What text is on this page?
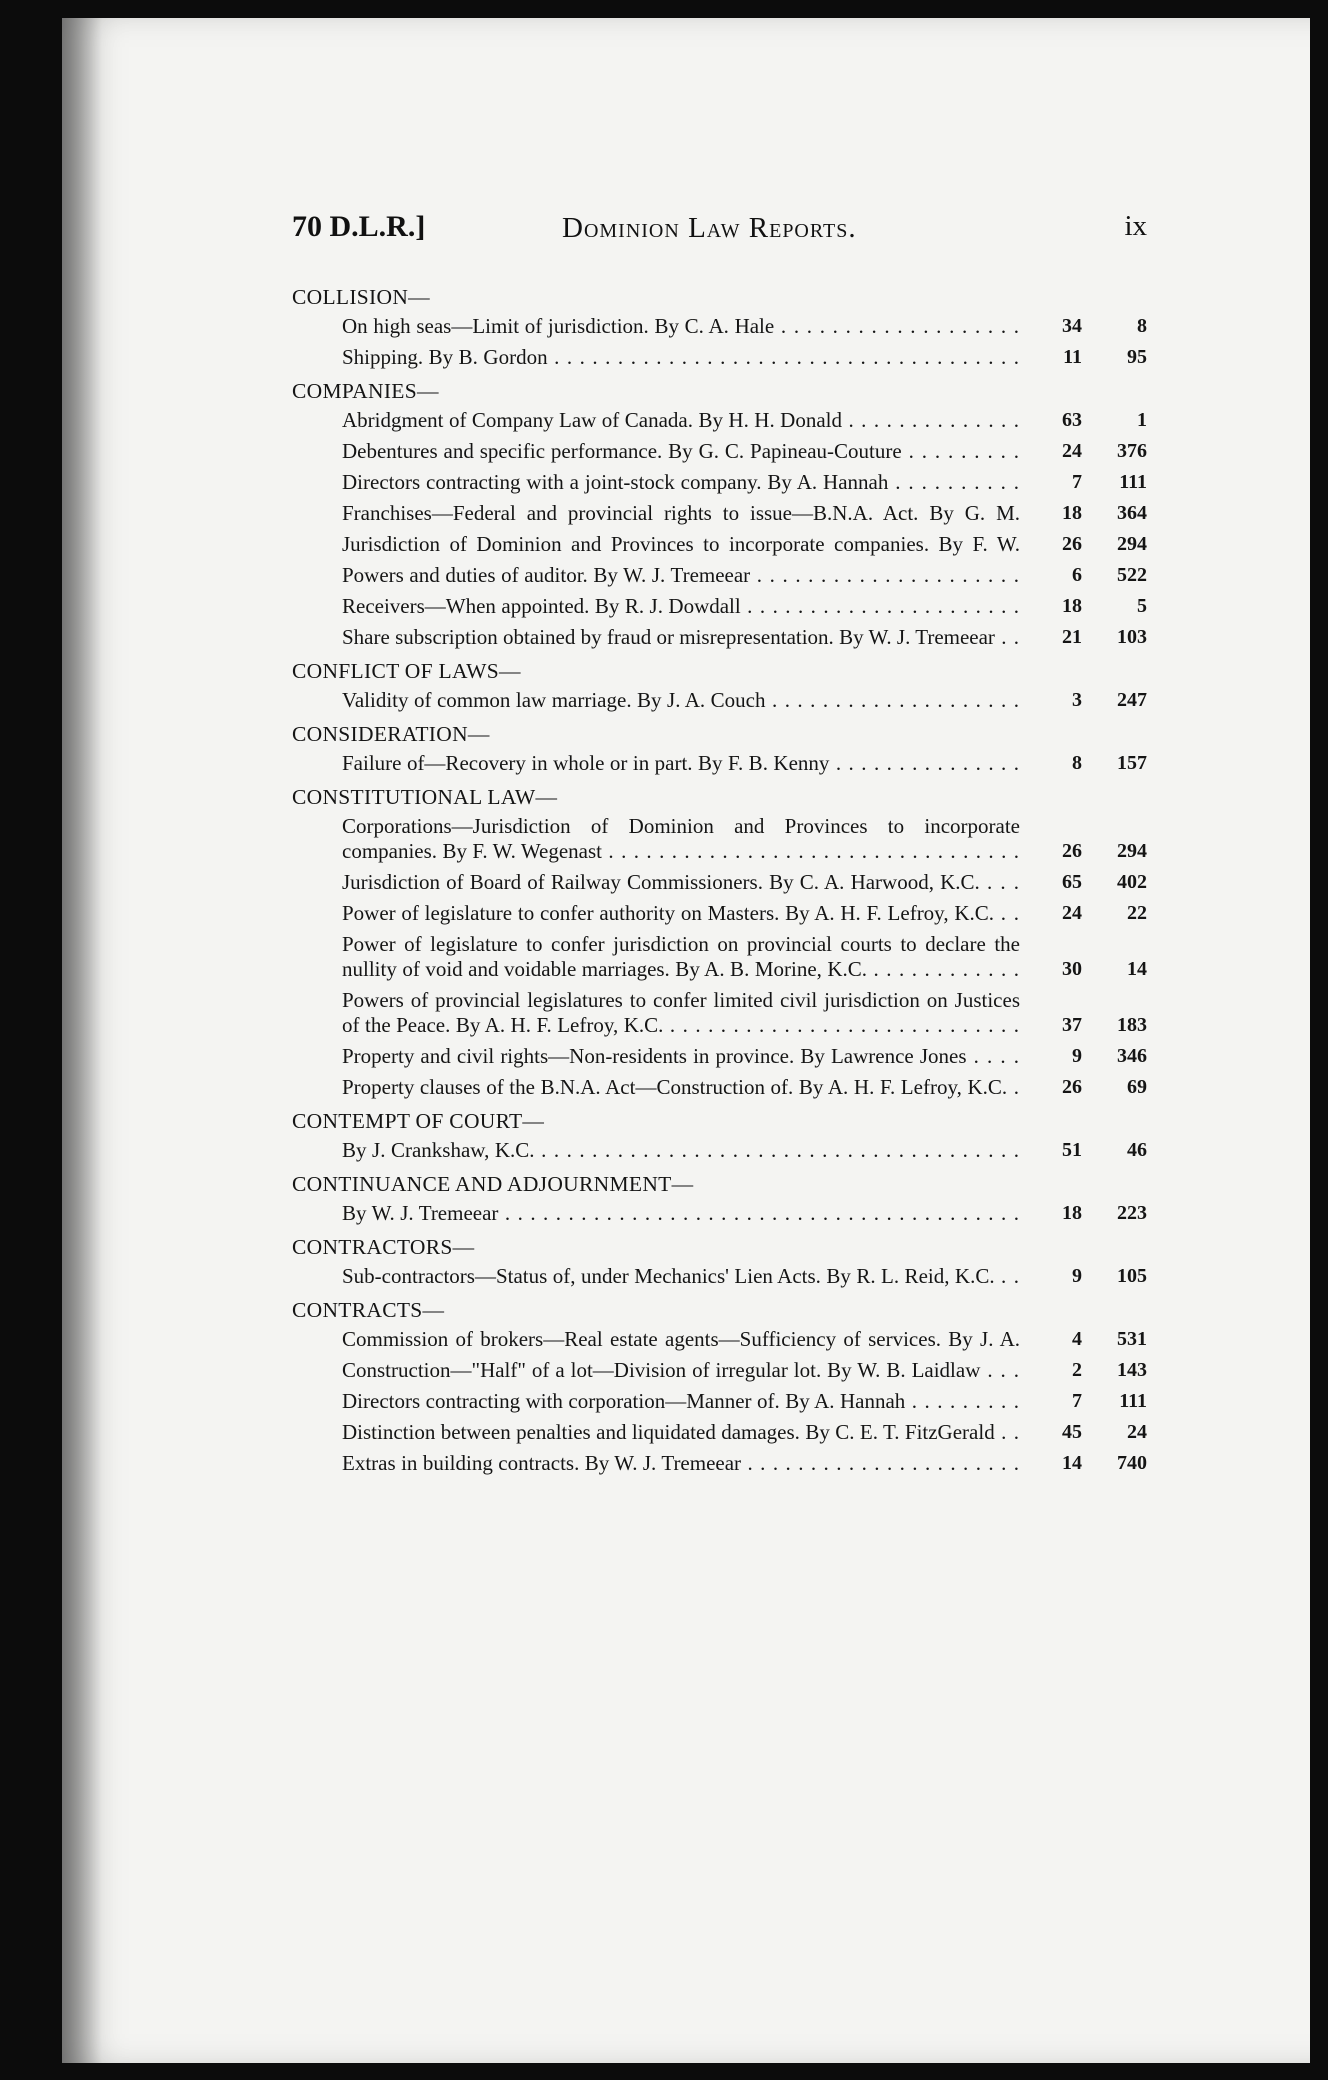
70 D.L.R.]	Dominion Law Reports.	ix
COLLISION—
On high seas—Limit of jurisdiction. By C. A. Hale . . .	34	8
Shipping. By B. Gordon . . .	11	95
COMPANIES—
Abridgment of Company Law of Canada. By H. H. Donald . . .	63	1
Debentures and specific performance. By G. C. Papineau-Couture . . .	24	376
Directors contracting with a joint-stock company. By A. Hannah . . .	7	111
Franchises—Federal and provincial rights to issue—B.N.A. Act. By G. M. . . .	18	364
Jurisdiction of Dominion and Provinces to incorporate companies. By F. W. . . .	26	294
Powers and duties of auditor. By W. J. Tremeear . . .	6	522
Receivers—When appointed. By R. J. Dowdall . . .	18	5
Share subscription obtained by fraud or misrepresentation. By W. J. Tremeear . . .	21	103
CONFLICT OF LAWS—
Validity of common law marriage. By J. A. Couch . . .	3	247
CONSIDERATION—
Failure of—Recovery in whole or in part. By F. B. Kenny . . .	8	157
CONSTITUTIONAL LAW—
Corporations—Jurisdiction of Dominion and Provinces to incorporate companies. By F. W. Wegenast . . .	26	294
Jurisdiction of Board of Railway Commissioners. By C. A. Harwood, K.C. . . .	65	402
Power of legislature to confer authority on Masters. By A. H. F. Lefroy, K.C. . . .	24	22
Power of legislature to confer jurisdiction on provincial courts to declare the nullity of void and voidable marriages. By A. B. Morine, K.C. . . .	30	14
Powers of provincial legislatures to confer limited civil jurisdiction on Justices of the Peace. By A. H. F. Lefroy, K.C. . . .	37	183
Property and civil rights—Non-residents in province. By Lawrence Jones . . .	9	346
Property clauses of the B.N.A. Act—Construction of. By A. H. F. Lefroy, K.C. . . .	26	69
CONTEMPT OF COURT—
By J. Crankshaw, K.C. . . .	51	46
CONTINUANCE AND ADJOURNMENT—
By W. J. Tremeear . . .	18	223
CONTRACTORS—
Sub-contractors—Status of, under Mechanics' Lien Acts. By R. L. Reid, K.C. . . .	9	105
CONTRACTS—
Commission of brokers—Real estate agents—Sufficiency of services. By J. A. . . .	4	531
Construction—"Half" of a lot—Division of irregular lot. By W. B. Laidlaw . . .	2	143
Directors contracting with corporation—Manner of. By A. Hannah . . .	7	111
Distinction between penalties and liquidated damages. By C. E. T. FitzGerald . . .	45	24
Extras in building contracts. By W. J. Tremeear . . .	14	740
